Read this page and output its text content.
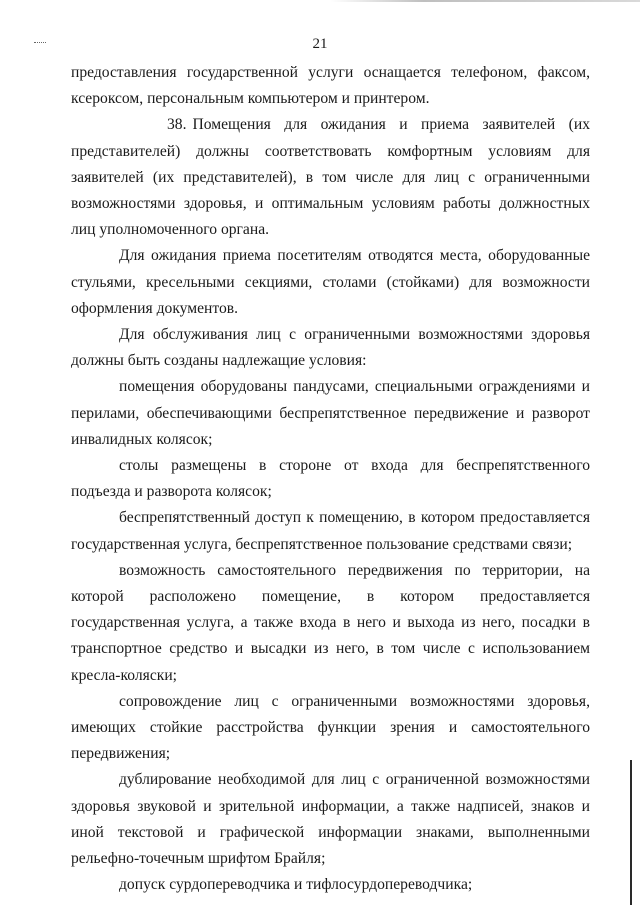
21

предоставления государственной услуги оснащается телефоном, факсом, ксероксом, персональным компьютером и принтером.

38. Помещения для ожидания и приема заявителей (их представителей) должны соответствовать комфортным условиям для заявителей (их представителей), в том числе для лиц с ограниченными возможностями здоровья, и оптимальным условиям работы должностных лиц уполномоченного органа.

Для ожидания приема посетителям отводятся места, оборудованные стульями, кресельными секциями, столами (стойками) для возможности оформления документов.

Для обслуживания лиц с ограниченными возможностями здоровья должны быть созданы надлежащие условия:

помещения оборудованы пандусами, специальными ограждениями и перилами, обеспечивающими беспрепятственное передвижение и разворот инвалидных колясок;

столы размещены в стороне от входа для беспрепятственного подъезда и разворота колясок;

беспрепятственный доступ к помещению, в котором предоставляется государственная услуга, беспрепятственное пользование средствами связи;

возможность самостоятельного передвижения по территории, на которой расположено помещение, в котором предоставляется государственная услуга, а также входа в него и выхода из него, посадки в транспортное средство и высадки из него, в том числе с использованием кресла-коляски;

сопровождение лиц с ограниченными возможностями здоровья, имеющих стойкие расстройства функции зрения и самостоятельного передвижения;

дублирование необходимой для лиц с ограниченной возможностями здоровья звуковой и зрительной информации, а также надписей, знаков и иной текстовой и графической информации знаками, выполненными рельефно-точечным шрифтом Брайля;

допуск сурдопереводчика и тифлосурдопереводчика;
